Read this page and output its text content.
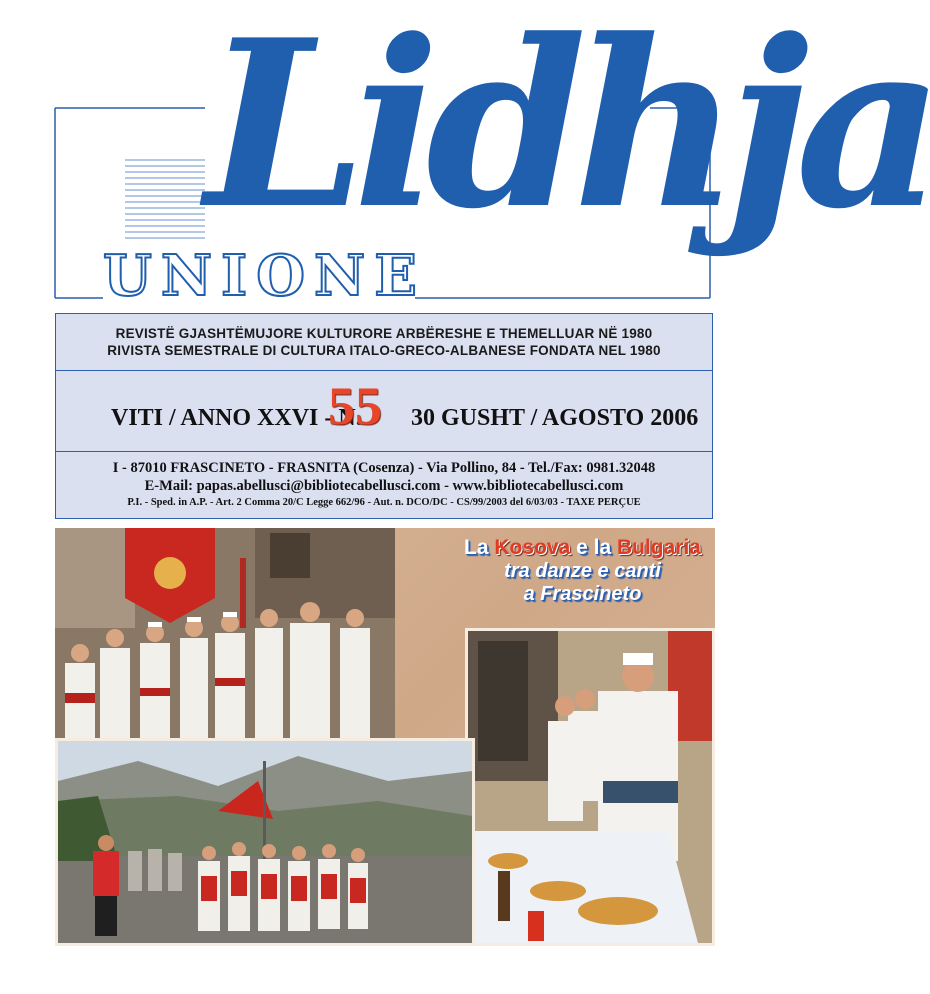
Lidhja
UNIONE
REVISTË GJASHTËMUJORE KULTURORE ARBËRESHE E THEMELLUAR NË 1980
RIVISTA SEMESTRALE DI CULTURA ITALO-GRECO-ALBANESE FONDATA NEL 1980
VITI / ANNO XXVI - N.
55 30 GUSHT / AGOSTO 2006
I - 87010 FRASCINETO - FRASNITA (Cosenza) - Via Pollino, 84 - Tel./Fax: 0981.32048
E-Mail: papas.abellusci@bibliotecabellusci.com - www.bibliotecabellusci.com
P.I. - Sped. in A.P. - Art. 2 Comma 20/C Legge 662/96 - Aut. n. DCO/DC - CS/99/2003 del 6/03/03 - TAXE PERÇUE
La Kosova e la Bulgaria
tra danze e canti
a Frascineto
